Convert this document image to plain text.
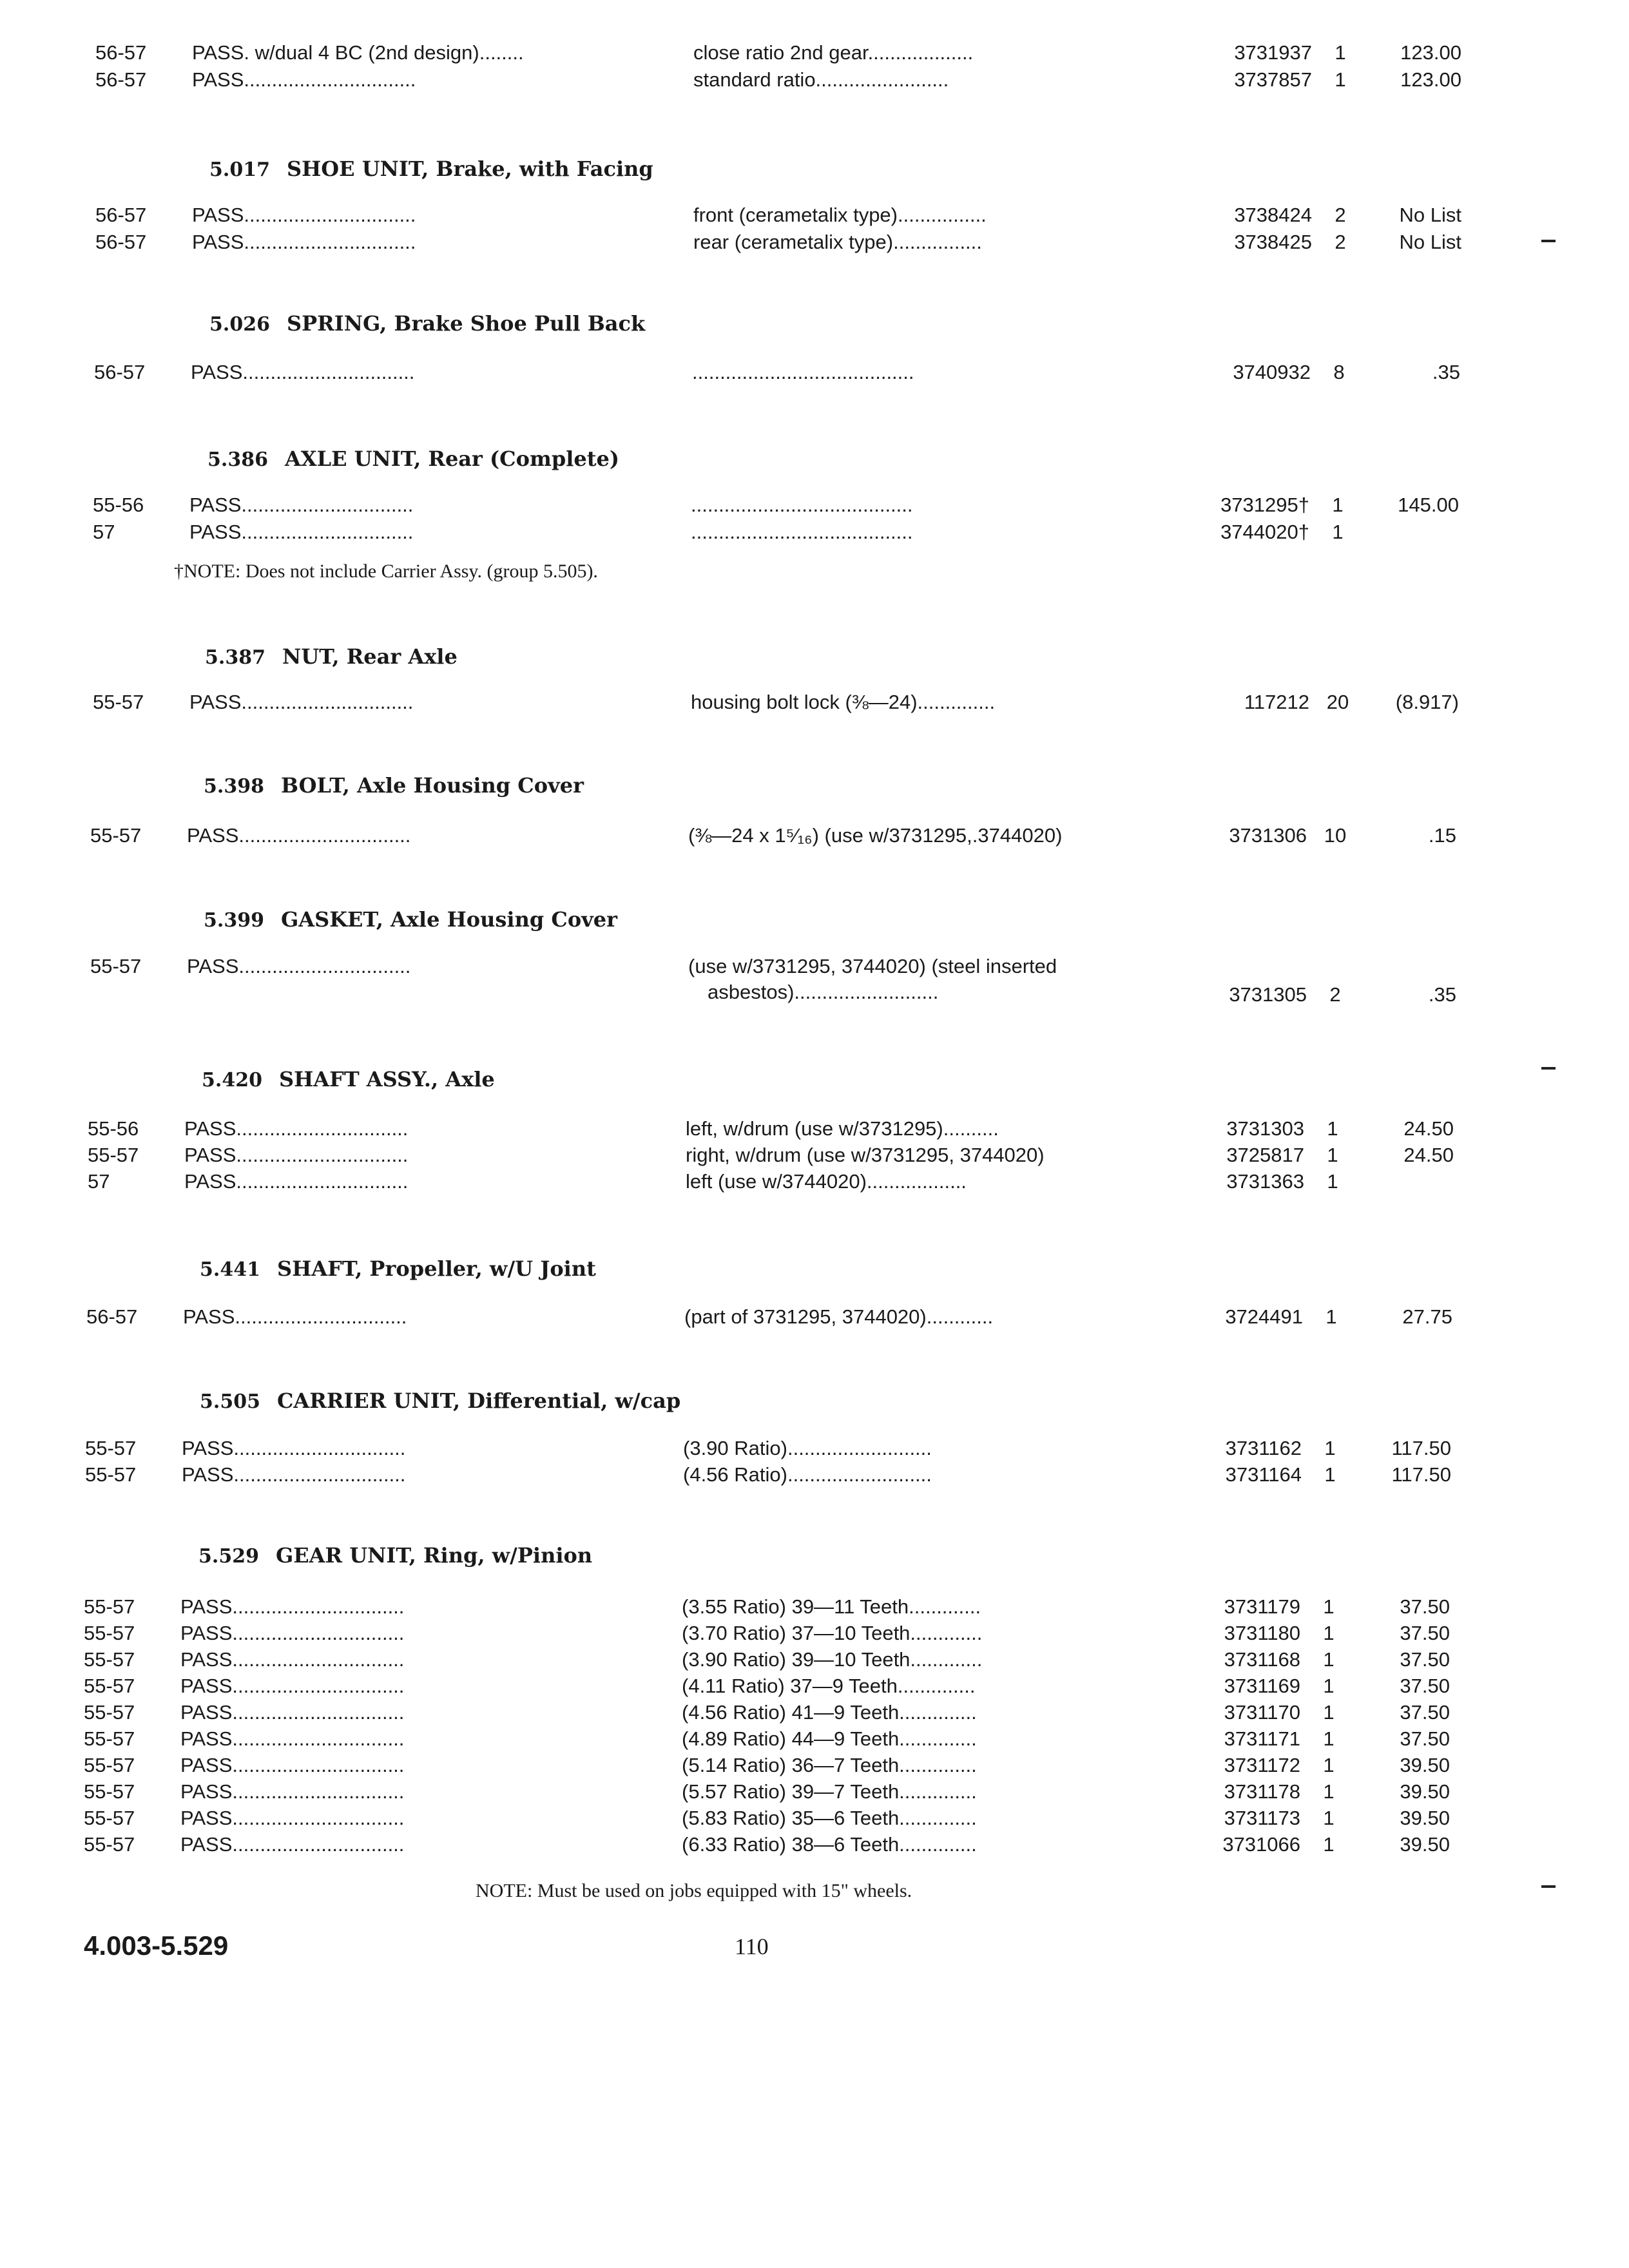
56-57	PASS. w/dual 4 BC (2nd design)........	close ratio 2nd gear...................	3731937	1	123.00
56-57	PASS...............................	standard ratio........................	3737857	1	123.00
5.017 SHOE UNIT, Brake, with Facing
56-57	PASS...............................	front (cerametalix type)................	3738424	2	No List
56-57	PASS...............................	rear (cerametalix type)................	3738425	2	No List
5.026 SPRING, Brake Shoe Pull Back
56-57	PASS...............................	........................................	3740932	8	.35
5.386 AXLE UNIT, Rear (Complete)
55-56	PASS...............................	........................................	3731295†	1	145.00
57	PASS...............................	........................................	3744020†	1
†NOTE: Does not include Carrier Assy. (group 5.505).
5.387 NUT, Rear Axle
55-57	PASS...............................	housing bolt lock (⅜—24)..............	117212 20	(8.917)
5.398 BOLT, Axle Housing Cover
55-57	PASS...............................	(⅜—24 x 1⁵⁄₁₆) (use w/3731295,.3744020)	3731306 10	.15
5.399 GASKET, Axle Housing Cover
55-57	PASS...............................	(use w/3731295, 3744020) (steel inserted
asbestos)..........................	3731305	2	.35
5.420 SHAFT ASSY., Axle
55-56	PASS...............................	left, w/drum (use w/3731295)..........	3731303	1	24.50
55-57	PASS...............................	right, w/drum (use w/3731295, 3744020)	3725817	1	24.50
57	PASS...............................	left (use w/3744020)..................	3731363	1
5.441 SHAFT, Propeller, w/U Joint
56-57	PASS...............................	(part of 3731295, 3744020)............	3724491	1	27.75
5.505 CARRIER UNIT, Differential, w/cap
55-57	PASS...............................	(3.90 Ratio)..........................	3731162	1	117.50
55-57	PASS...............................	(4.56 Ratio)..........................	3731164	1	117.50
5.529 GEAR UNIT, Ring, w/Pinion
55-57	PASS...............................	(3.55 Ratio) 39—11 Teeth.............	3731179	1	37.50
55-57	PASS...............................	(3.70 Ratio) 37—10 Teeth.............	3731180	1	37.50
55-57	PASS...............................	(3.90 Ratio) 39—10 Teeth.............	3731168	1	37.50
55-57	PASS...............................	(4.11 Ratio) 37—9 Teeth..............	3731169	1	37.50
55-57	PASS...............................	(4.56 Ratio) 41—9 Teeth..............	3731170	1	37.50
55-57	PASS...............................	(4.89 Ratio) 44—9 Teeth..............	3731171	1	37.50
55-57	PASS...............................	(5.14 Ratio) 36—7 Teeth..............	3731172	1	39.50
55-57	PASS...............................	(5.57 Ratio) 39—7 Teeth..............	3731178	1	39.50
55-57	PASS...............................	(5.83 Ratio) 35—6 Teeth..............	3731173	1	39.50
55-57	PASS...............................	(6.33 Ratio) 38—6 Teeth..............	3731066	1	39.50
NOTE: Must be used on jobs equipped with 15" wheels.
4.003-5.529	110
